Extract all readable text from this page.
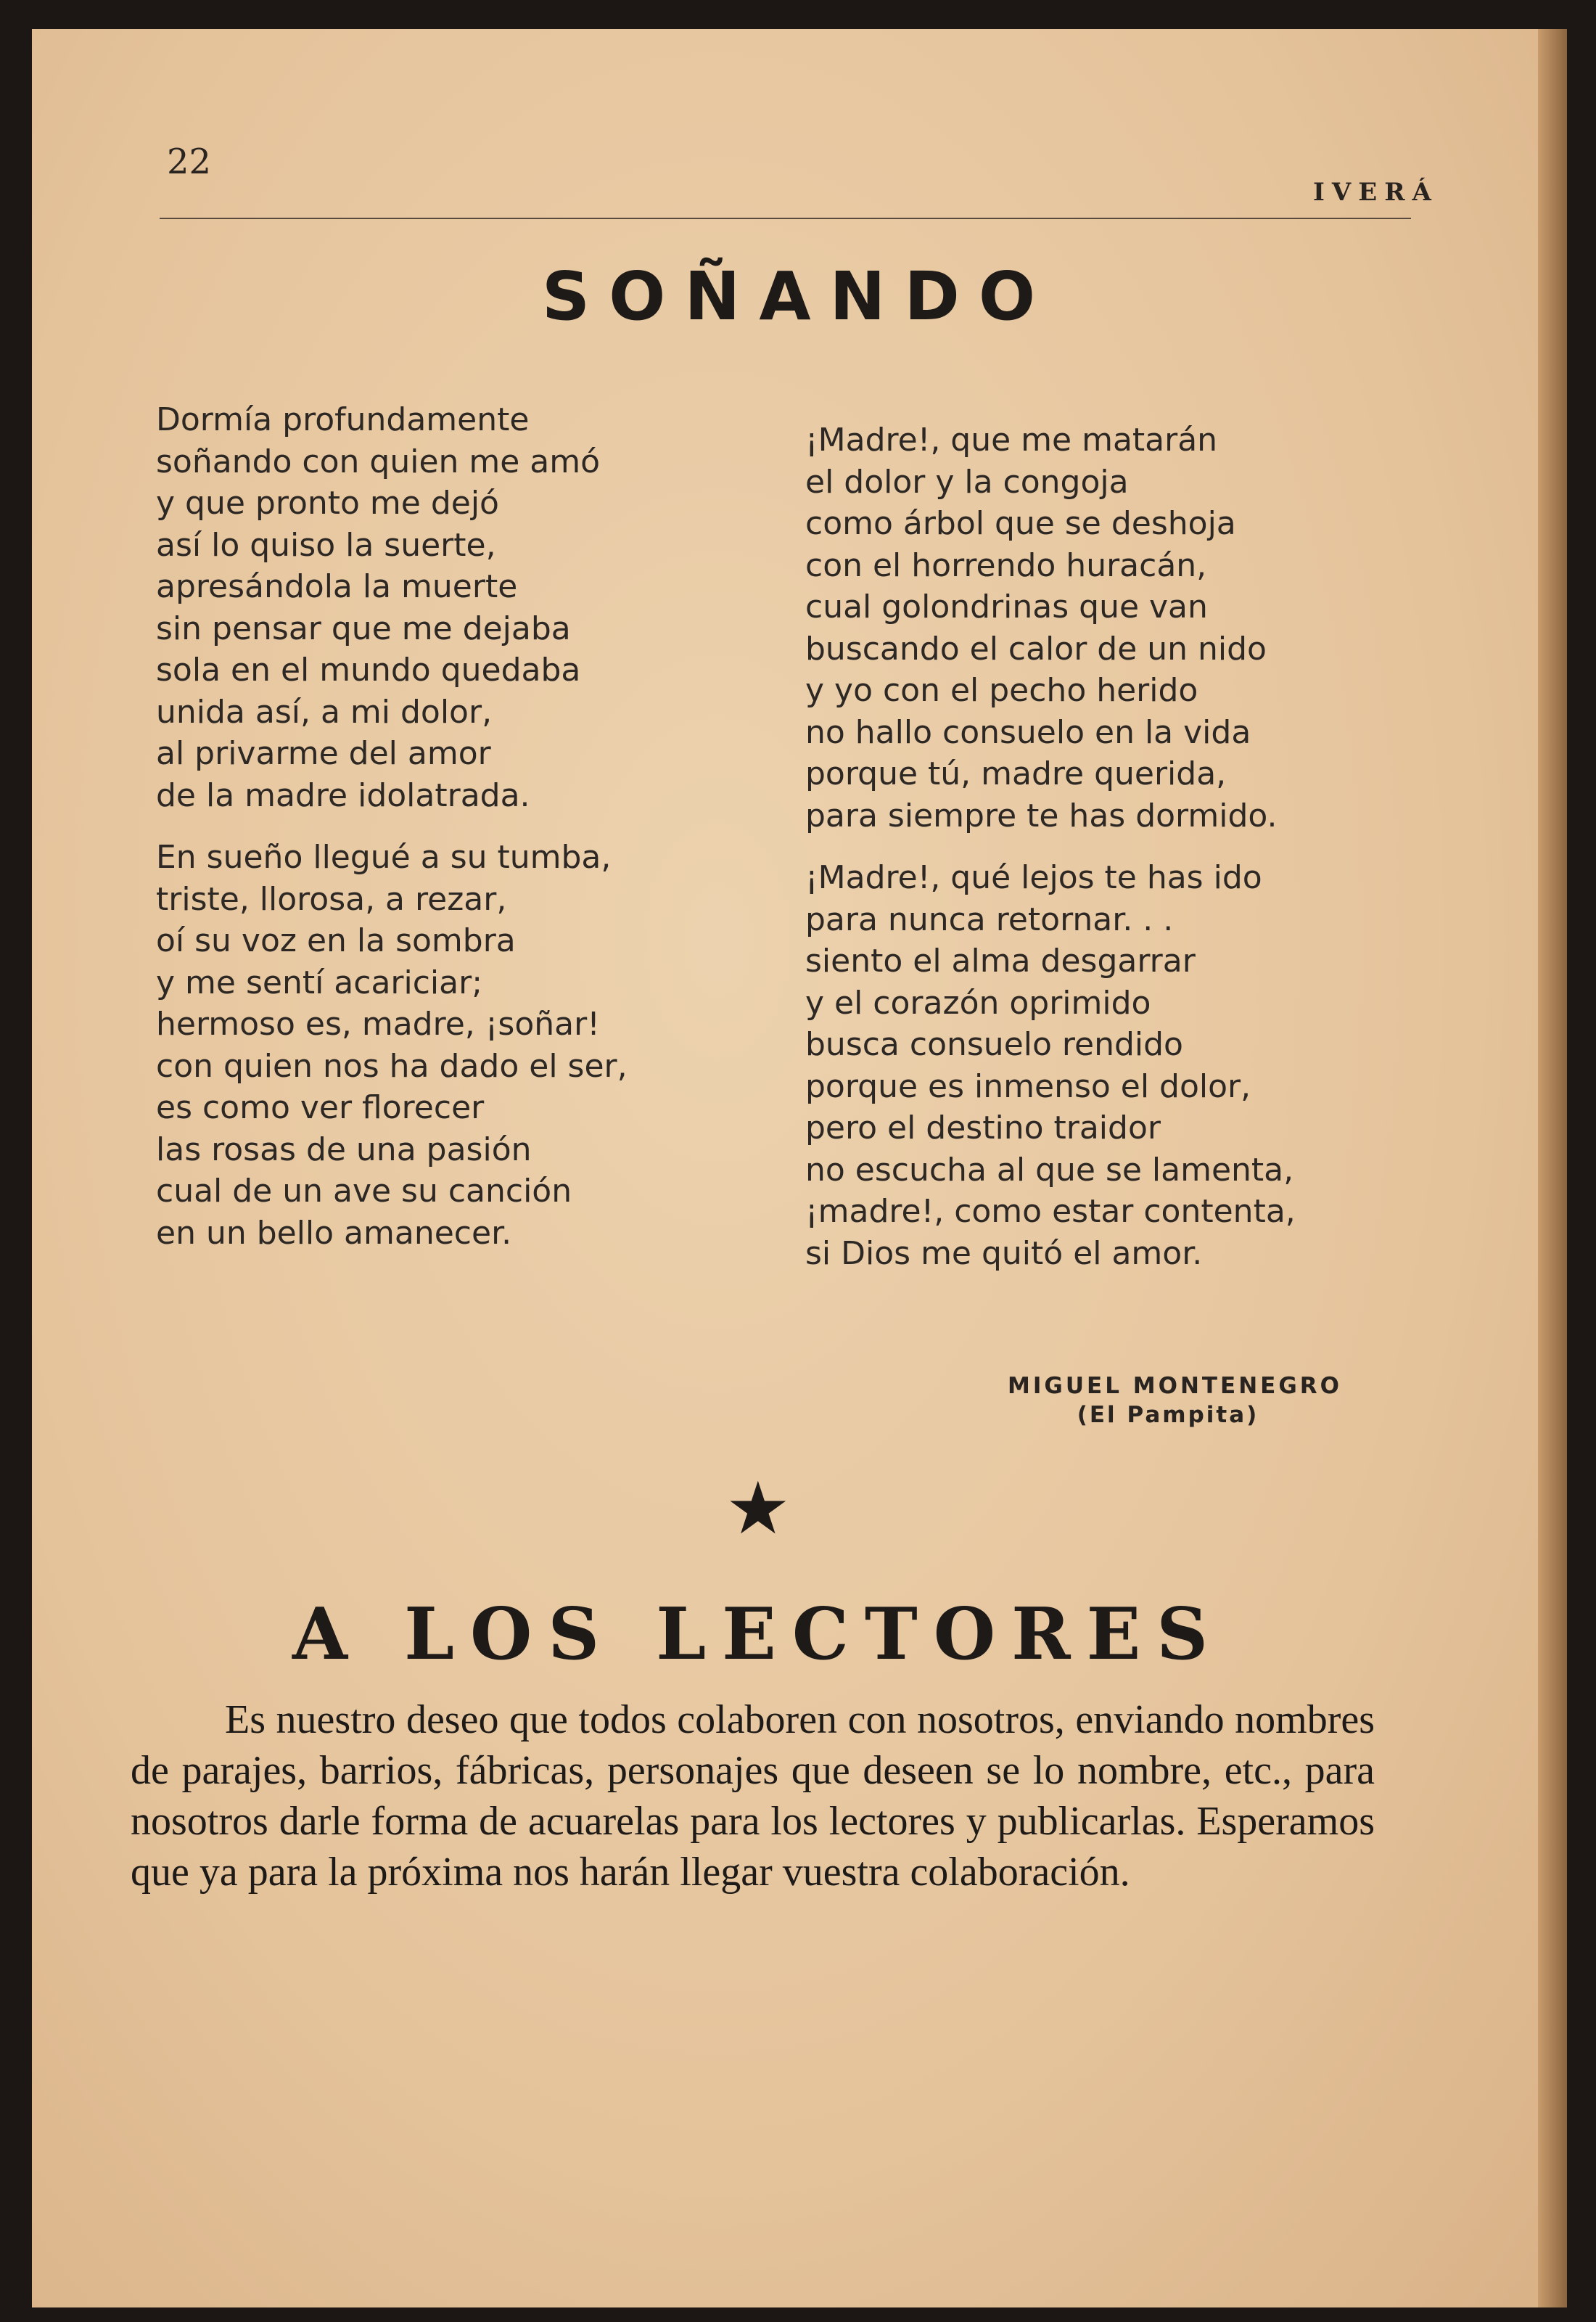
22
IVERÁ
SOÑANDO
Dormía profundamente
soñando con quien me amó
y que pronto me dejó
así lo quiso la suerte,
apresándola la muerte
sin pensar que me dejaba
sola en el mundo quedaba
unida así, a mi dolor,
al privarme del amor
de la madre idolatrada.
En sueño llegué a su tumba,
triste, llorosa, a rezar,
oí su voz en la sombra
y me sentí acariciar;
hermoso es, madre, ¡soñar!
con quien nos ha dado el ser,
es como ver florecer
las rosas de una pasión
cual de un ave su canción
en un bello amanecer.
¡Madre!, que me matarán
el dolor y la congoja
como árbol que se deshoja
con el horrendo huracán,
cual golondrinas que van
buscando el calor de un nido
y yo con el pecho herido
no hallo consuelo en la vida
porque tú, madre querida,
para siempre te has dormido.
¡Madre!, qué lejos te has ido
para nunca retornar. . .
siento el alma desgarrar
y el corazón oprimido
busca consuelo rendido
porque es inmenso el dolor,
pero el destino traidor
no escucha al que se lamenta,
¡madre!, como estar contenta,
si Dios me quitó el amor.
MIGUEL MONTENEGRO
(El Pampita)
★
A LOS LECTORES
Es nuestro deseo que todos colaboren con nosotros, enviando nombres de parajes, barrios, fábricas, personajes que deseen se lo nombre, etc., para nosotros darle forma de acuarelas para los lectores y publicarlas. Esperamos que ya para la próxima nos harán llegar vuestra colaboración.
